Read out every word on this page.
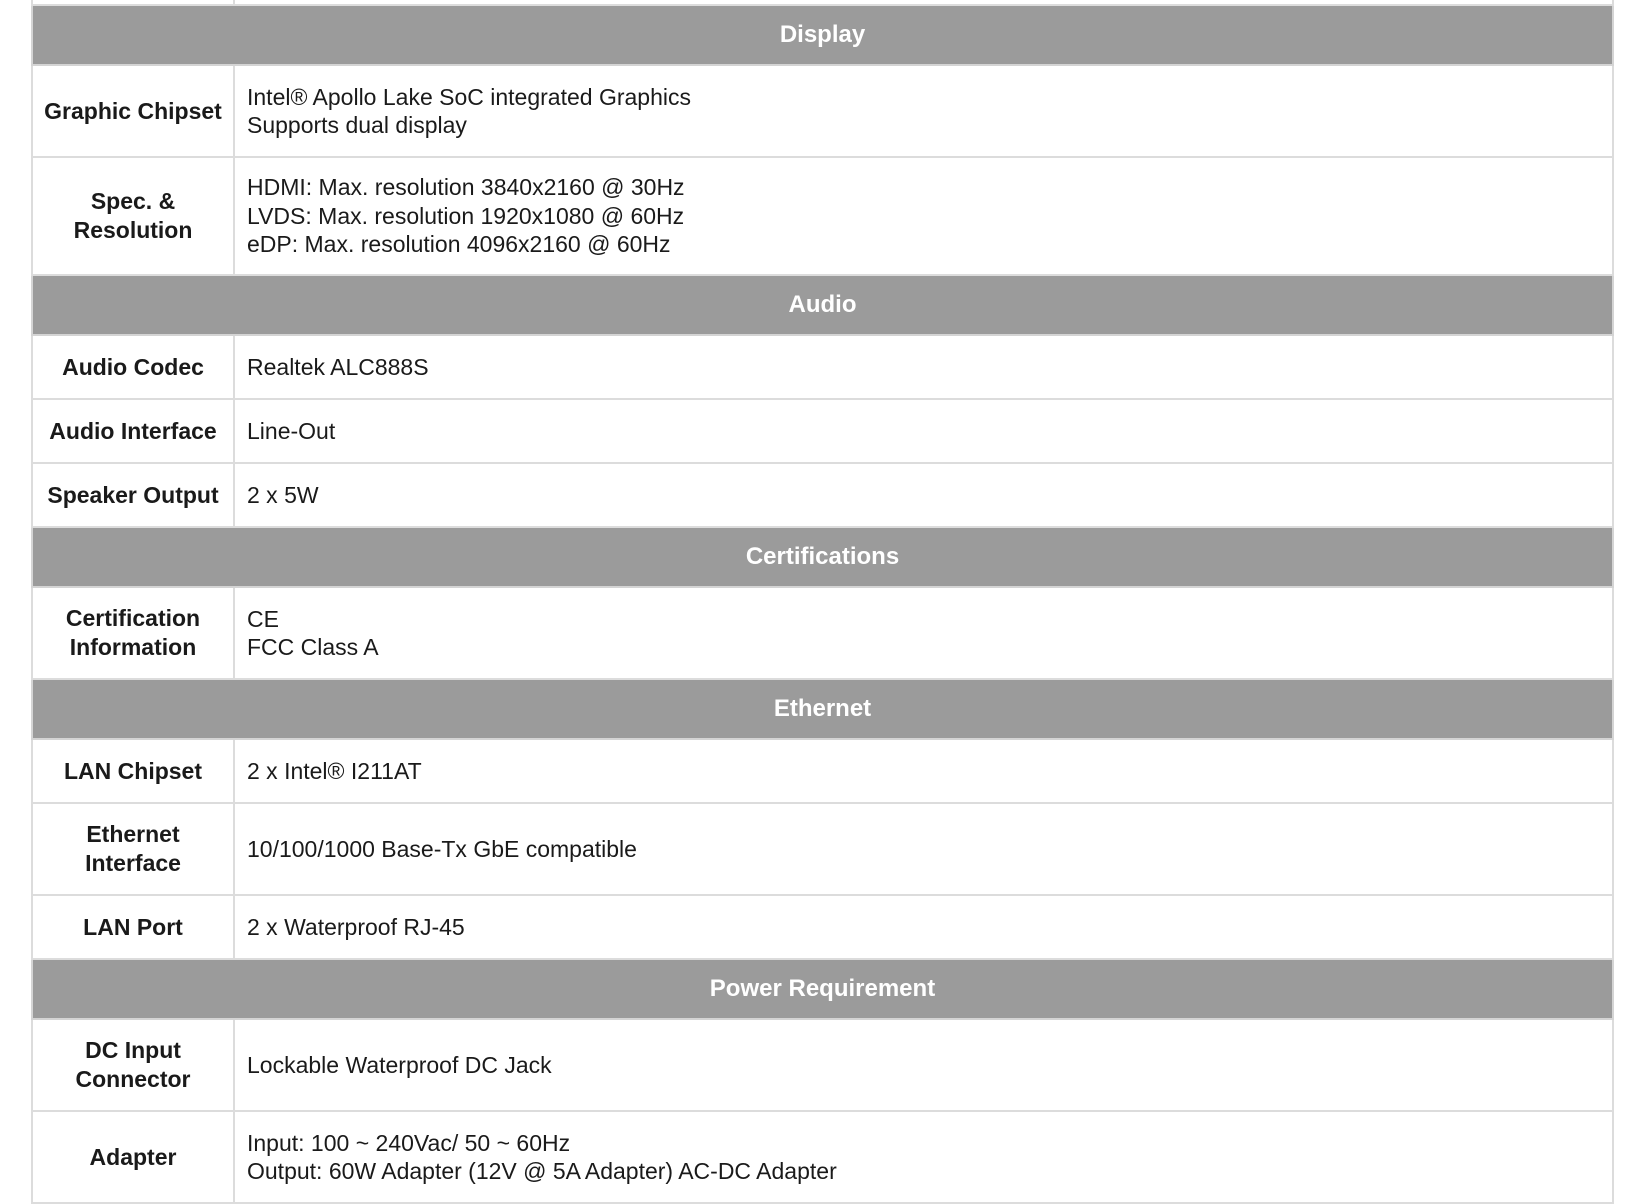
Display	
Graphic Chipset	Intel® Apollo Lake SoC integrated Graphics
Supports dual display

Spec. &
Resolution	HDMI: Max. resolution 3840x2160 @ 30Hz
LVDS: Max. resolution 1920x1080 @ 60Hz
eDP: Max. resolution 4096x2160 @ 60Hz

Audio	
Audio Codec	Realtek ALC888S

Audio Interface	Line-Out

Speaker Output	2 x 5W

Certifications	
Certification Information	CE
FCC Class A

Ethernet	
LAN Chipset	2 x Intel® I211AT

Ethernet Interface	10/100/1000 Base-Tx GbE compatible

LAN Port	2 x Waterproof RJ-45

Power Requirement	
DC Input Connector	Lockable Waterproof DC Jack

Adapter	Input: 100 ~ 240Vac/ 50 ~ 60Hz
Output: 60W Adapter (12V @ 5A Adapter) AC-DC Adapter
